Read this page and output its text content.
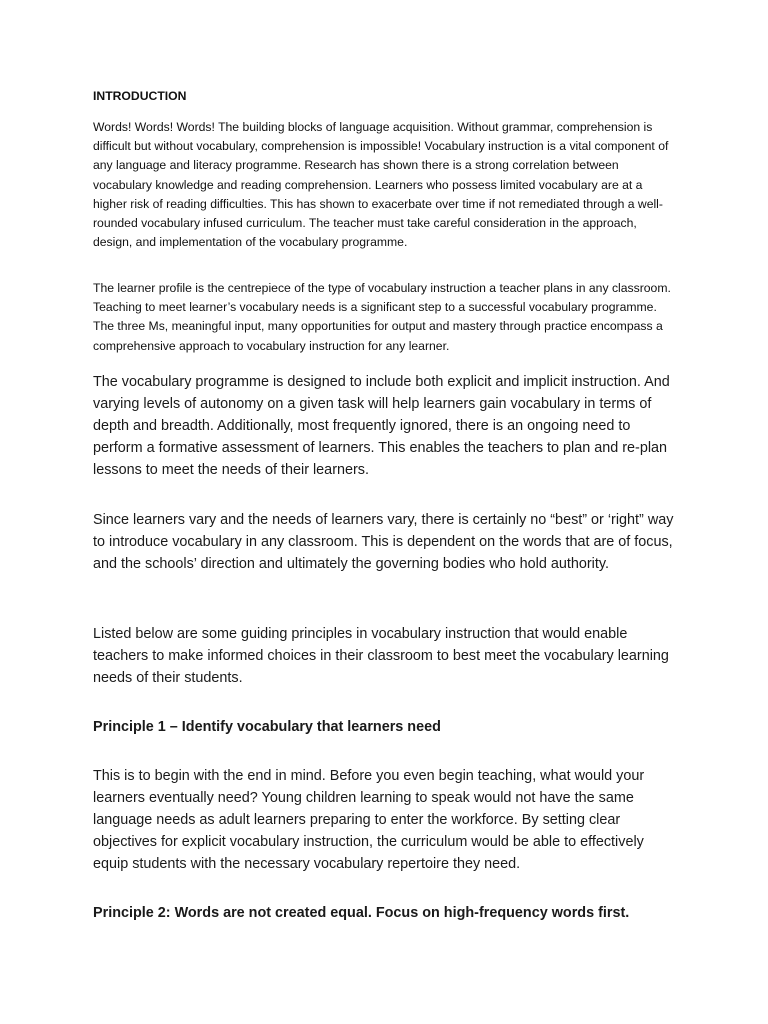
INTRODUCTION

Words! Words! Words! The building blocks of language acquisition. Without grammar, comprehension is difficult but without vocabulary, comprehension is impossible! Vocabulary instruction is a vital component of any language and literacy programme. Research has shown there is a strong correlation between vocabulary knowledge and reading comprehension. Learners who possess limited vocabulary are at a higher risk of reading difficulties. This has shown to exacerbate over time if not remediated through a well-rounded vocabulary infused curriculum. The teacher must take careful consideration in the approach, design, and implementation of the vocabulary programme.

The learner profile is the centrepiece of the type of vocabulary instruction a teacher plans in any classroom. Teaching to meet learner’s vocabulary needs is a significant step to a successful vocabulary programme. The three Ms, meaningful input, many opportunities for output and mastery through practice encompass a comprehensive approach to vocabulary instruction for any learner.

The vocabulary programme is designed to include both explicit and implicit instruction. And varying levels of autonomy on a given task will help learners gain vocabulary in terms of depth and breadth. Additionally, most frequently ignored, there is an ongoing need to perform a formative assessment of learners. This enables the teachers to plan and re-plan lessons to meet the needs of their learners.

Since learners vary and the needs of learners vary, there is certainly no “best” or ‘right” way to introduce vocabulary in any classroom. This is dependent on the words that are of focus, and the schools’ direction and ultimately the governing bodies who hold authority.

Listed below are some guiding principles in vocabulary instruction that would enable teachers to make informed choices in their classroom to best meet the vocabulary learning needs of their students.

Principle 1 – Identify vocabulary that learners need

This is to begin with the end in mind. Before you even begin teaching, what would your learners eventually need? Young children learning to speak would not have the same language needs as adult learners preparing to enter the workforce. By setting clear objectives for explicit vocabulary instruction, the curriculum would be able to effectively equip students with the necessary vocabulary repertoire they need.

Principle 2: Words are not created equal. Focus on high-frequency words first.
